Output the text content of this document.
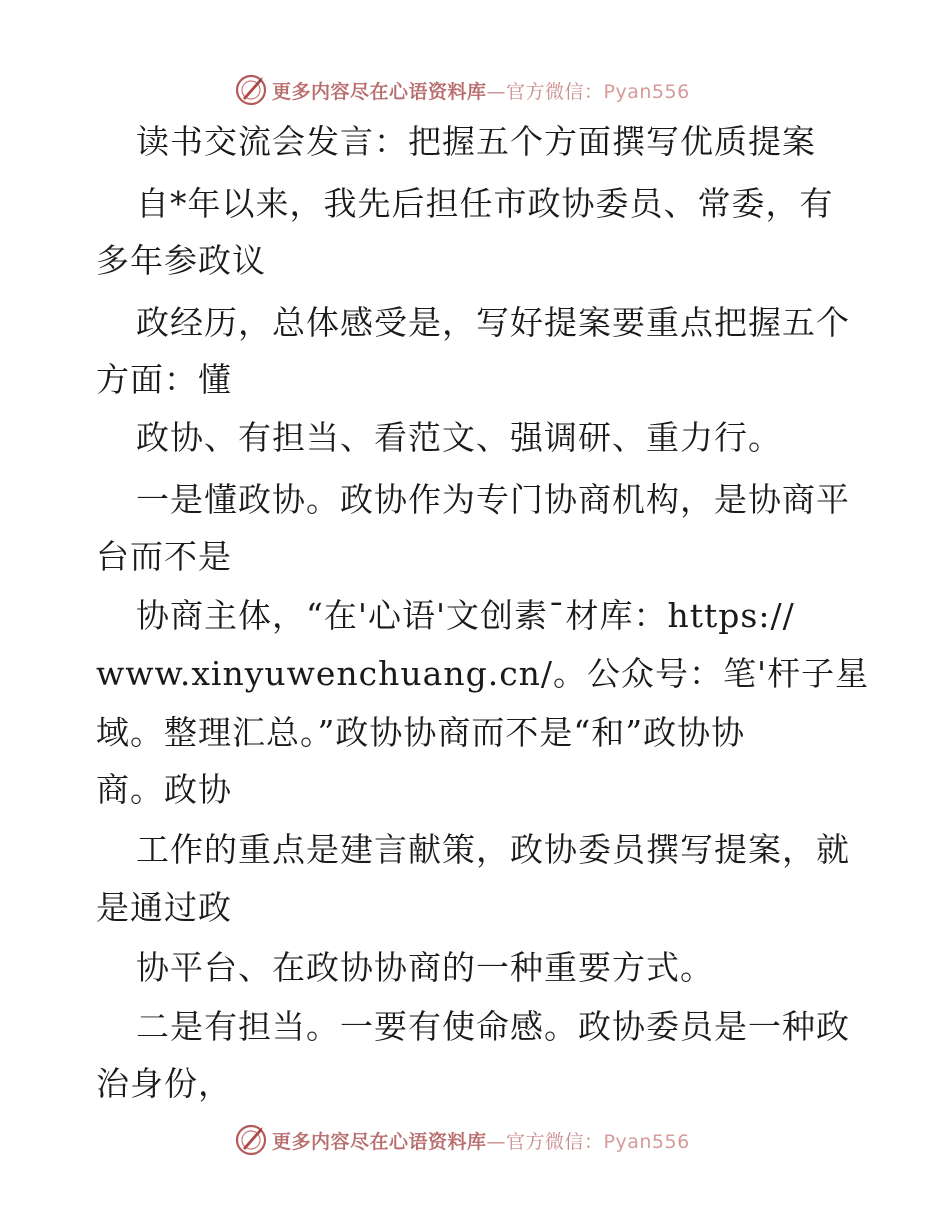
更多内容尽在心语资料库—官方微信：Pyan556
读书交流会发言：把握五个方面撰写优质提案
自*年以来，我先后担任市政协委员、常委，有
多年参政议
政经历，总体感受是，写好提案要重点把握五个
方面：懂
政协、有担当、看范文、强调研、重力行。
一是懂政协。政协作为专门协商机构，是协商平
台而不是
协商主体，“在'心语'文创素¯材库：https://
www.xinyuwenchuang.cn/。公众号：笔'杆子星
域。整理汇总。”政协协商而不是“和”政协协
商。政协
工作的重点是建言献策，政协委员撰写提案，就
是通过政
协平台、在政协协商的一种重要方式。
二是有担当。一要有使命感。政协委员是一种政
治身份，
更多内容尽在心语资料库—官方微信：Pyan556
